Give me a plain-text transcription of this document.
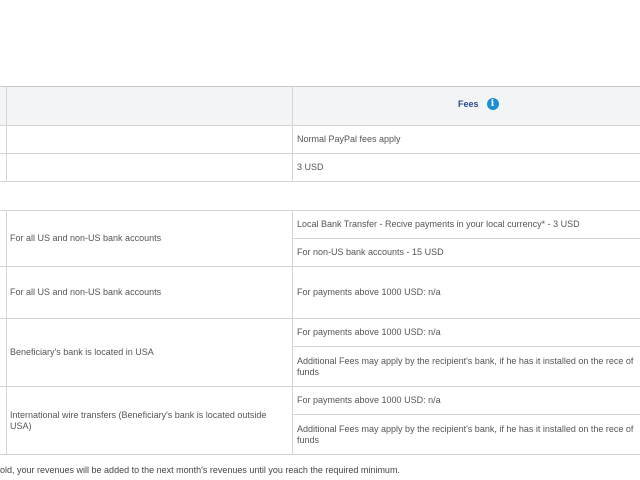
Fees	i
Normal PayPal fees apply
3 USD
For all US and non-US bank accounts
Local Bank Transfer - Recive payments in your local currency* - 3 USD
For non-US bank accounts - 15 USD
For all US and non-US bank accounts	For payments above 1000 USD: n/a
Beneficiary's bank is located in USA
For payments above 1000 USD: n/a
Additional Fees may apply by the recipient's bank, if he has it installed on the rece of funds
International wire transfers (Beneficiary's bank is located outside USA)
For payments above 1000 USD: n/a
Additional Fees may apply by the recipient's bank, if he has it installed on the rece of funds
old, your revenues will be added to the next month's revenues until you reach the required minimum.
